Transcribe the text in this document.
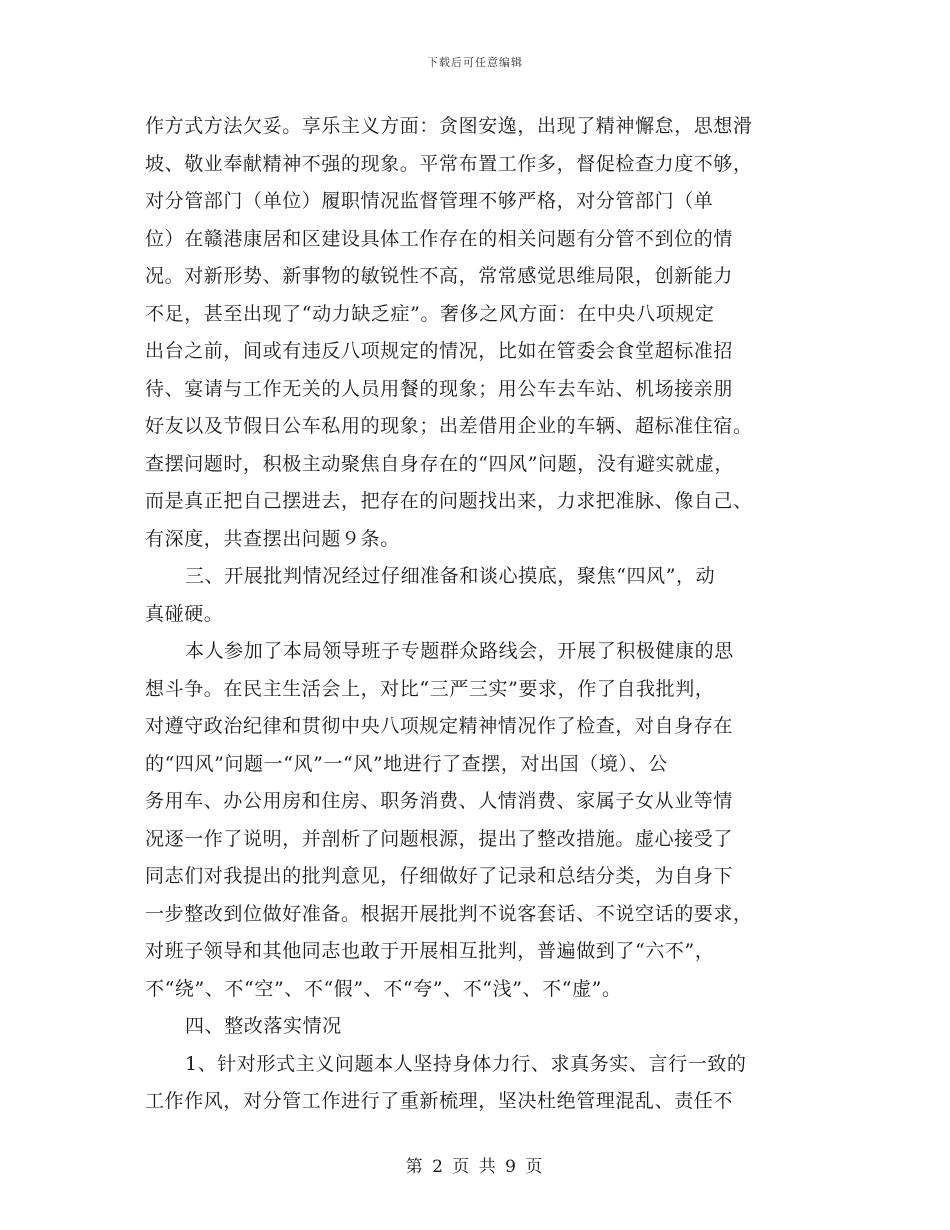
下载后可任意编辑
作方式方法欠妥。享乐主义方面：贪图安逸，出现了精神懈怠，思想滑
坡、敬业奉献精神不强的现象。平常布置工作多，督促检查力度不够，
对分管部门（单位）履职情况监督管理不够严格，对分管部门（单
位）在赣港康居和区建设具体工作存在的相关问题有分管不到位的情
况。对新形势、新事物的敏锐性不高，常常感觉思维局限，创新能力
不足，甚至出现了“动力缺乏症”。奢侈之风方面：在中央八项规定
出台之前，间或有违反八项规定的情况，比如在管委会食堂超标准招
待、宴请与工作无关的人员用餐的现象；用公车去车站、机场接亲朋
好友以及节假日公车私用的现象；出差借用企业的车辆、超标准住宿。
查摆问题时，积极主动聚焦自身存在的“四风”问题，没有避实就虚，
而是真正把自己摆进去，把存在的问题找出来，力求把准脉、像自己、
有深度，共查摆出问题９条。
三、开展批判情况经过仔细准备和谈心摸底，聚焦“四风”，动
真碰硬。
本人参加了本局领导班子专题群众路线会，开展了积极健康的思
想斗争。在民主生活会上，对比“三严三实”要求，作了自我批判，
对遵守政治纪律和贯彻中央八项规定精神情况作了检查，对自身存在
的“四风”问题一“风”一“风”地进行了查摆，对出国（境）、公
务用车、办公用房和住房、职务消费、人情消费、家属子女从业等情
况逐一作了说明，并剖析了问题根源，提出了整改措施。虚心接受了
同志们对我提出的批判意见，仔细做好了记录和总结分类，为自身下
一步整改到位做好准备。根据开展批判不说客套话、不说空话的要求，
对班子领导和其他同志也敢于开展相互批判，普遍做到了“六不”，
不“绕”、不“空”、不“假”、不“夸”、不“浅”、不“虚”。
四、整改落实情况
1、针对形式主义问题本人坚持身体力行、求真务实、言行一致的
工作作风，对分管工作进行了重新梳理，坚决杜绝管理混乱、责任不
第 2 页 共 9 页
